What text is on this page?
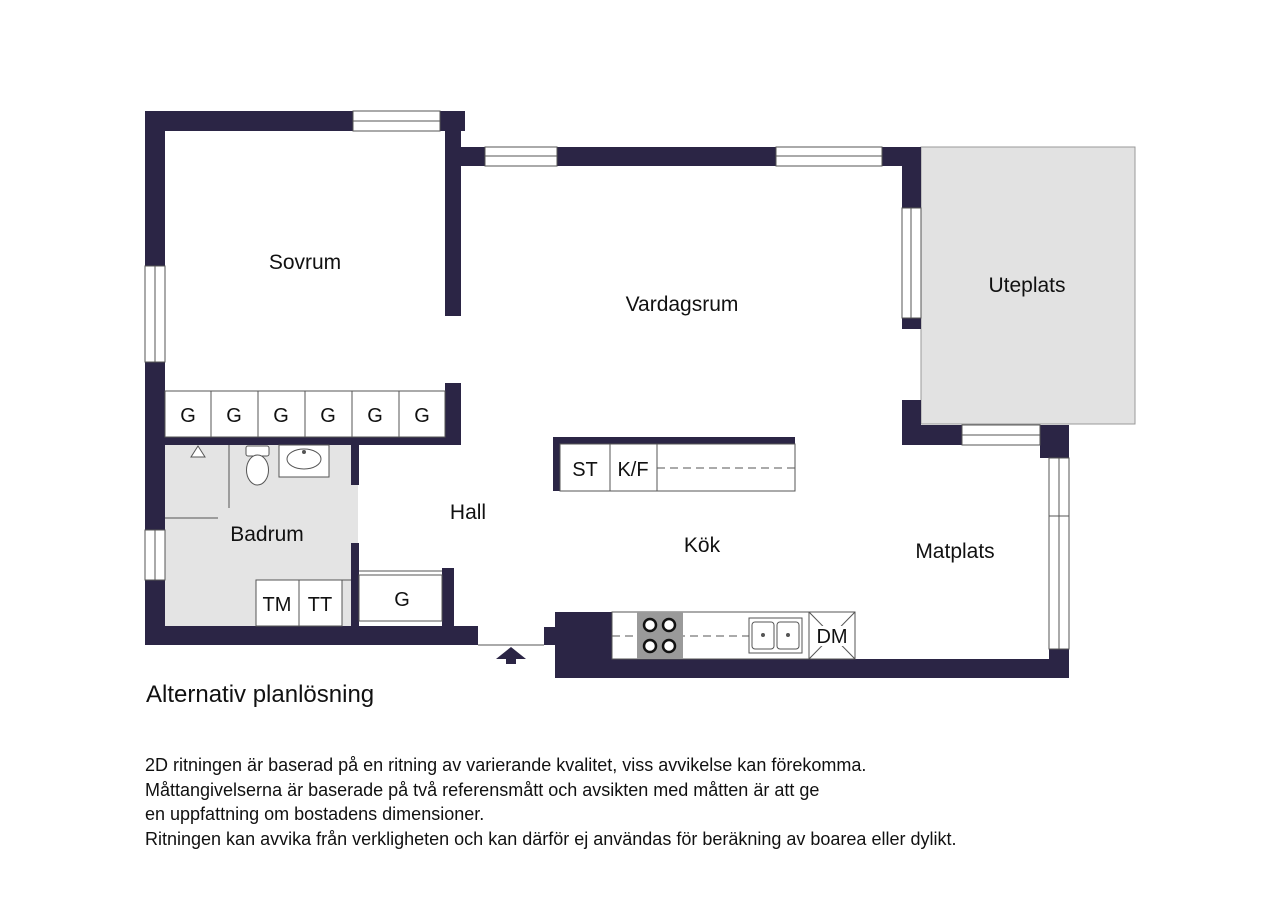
G G G G G G
TM TT	G
ST K/F
DM
Sovrum
Vardagsrum
Uteplats
Badrum
Hall
Kök	Matplats
Alternativ planlösning
2D ritningen är baserad på en ritning av varierande kvalitet, viss avvikelse kan förekomma.
Måttangivelserna är baserade på två referensmått och avsikten med måtten är att ge
en uppfattning om bostadens dimensioner.
Ritningen kan avvika från verkligheten och kan därför ej användas för beräkning av boarea eller dylikt.
